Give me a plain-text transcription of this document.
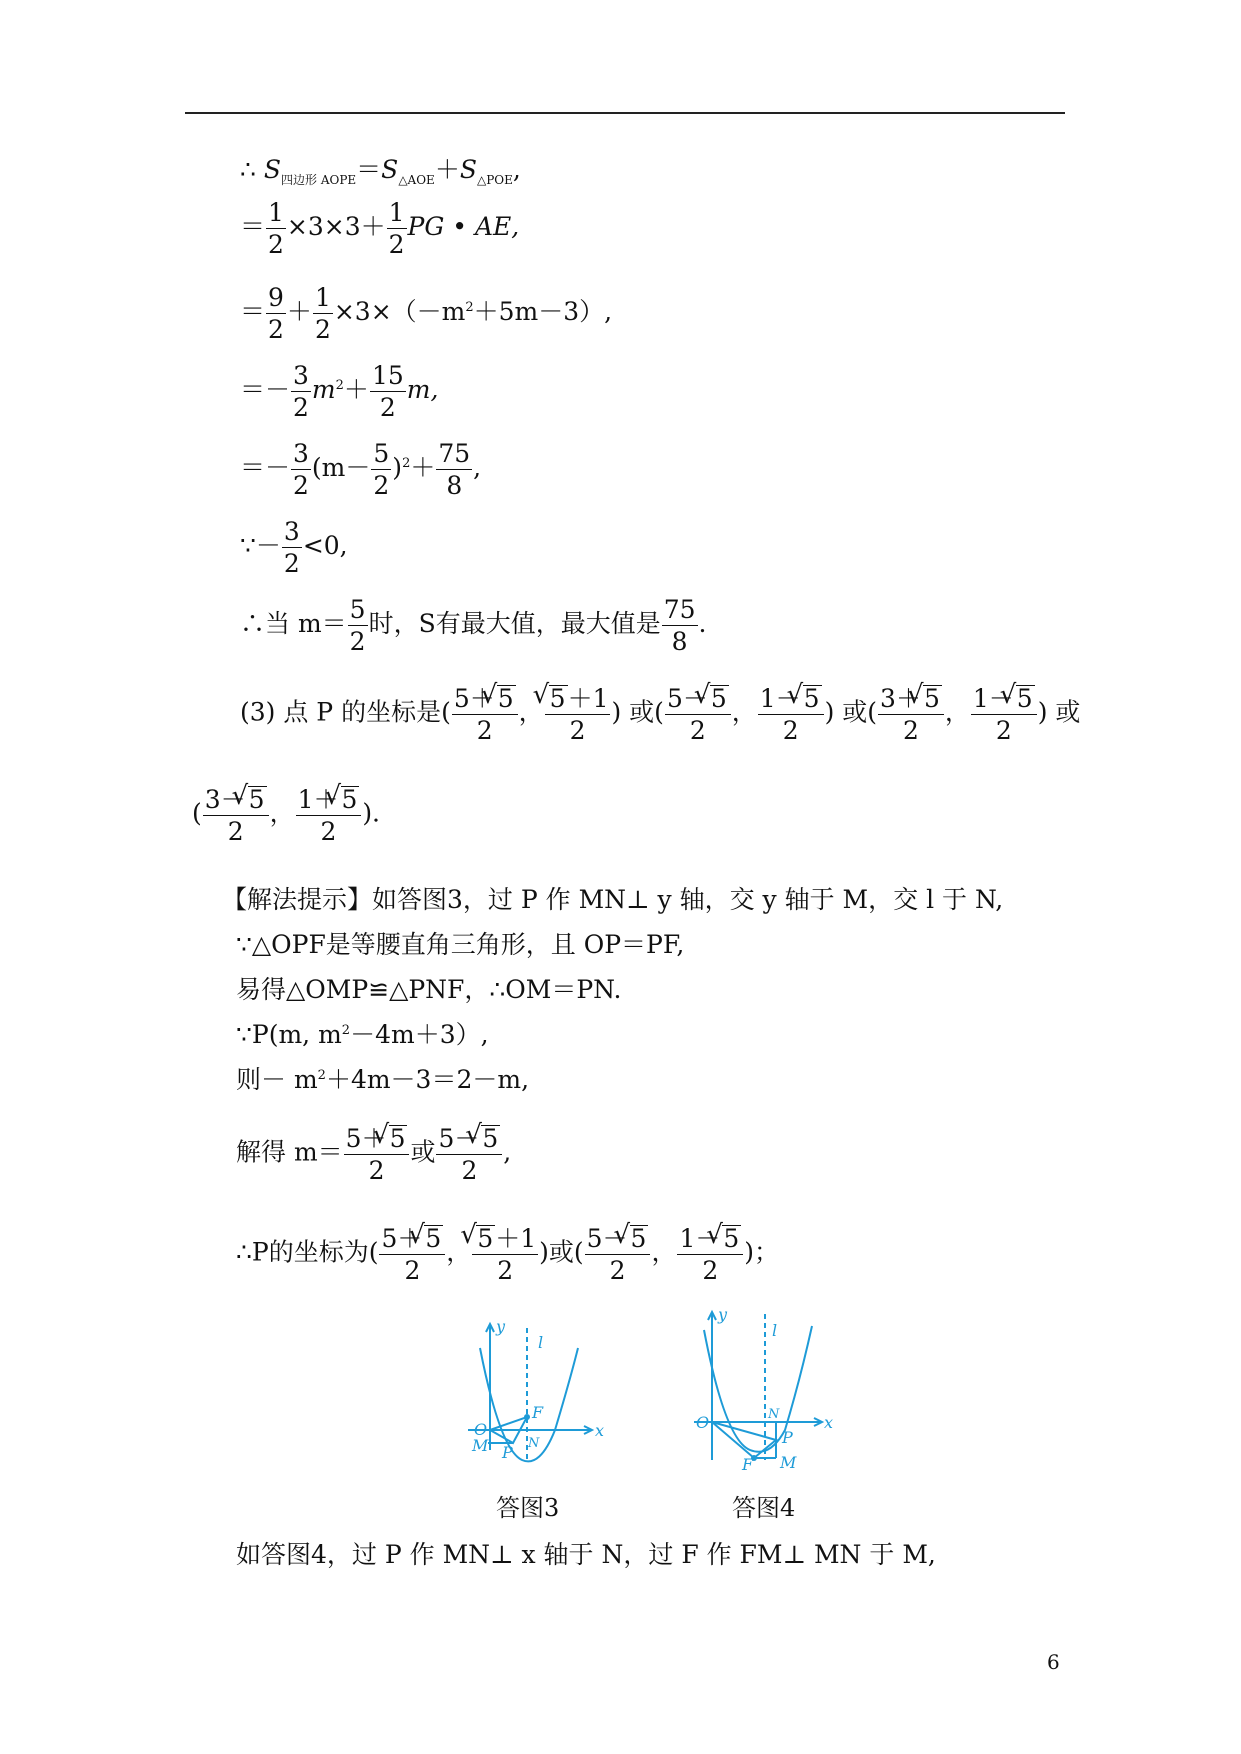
∴ $S_{四边形 AOPE}=S_{\triangle AOE}+S_{\triangle POE}$,
＝ $\frac{1}{2} \times 3\times 3+ \frac{1}{2}$ PG • AE,
＝ $\frac{9}{2} + \frac{1}{2} \times 3\times(-m^2+5m-3)$,
＝－ $\frac{3}{2} m^2+ \frac{15}{2} m$,
＝－ $\frac{3}{2} (m- \frac{5}{2} )^2+ \frac{75}{8}$ ,
∵－ $\frac{3}{2} <0$,
∴当 $m= \frac{5}{2}$ 时，S有最大值，最大值是 $\frac{75}{8}$ .
(3) 点 P 的坐标是( $\frac{5+ √ 5}{2}$ ， √ $\frac{5+1}{2}$ ) 或( $\frac{5- √ 5}{2}$ ， $\frac{1- √ 5}{2}$ ) 或( $\frac{3+ √ 5}{2}$ ， $\frac{1- √ 5}{2}$ ) 或
( $\frac{3- √ 5}{2}$ ， $\frac{1+ √ 5}{2}$ )．
【解法提示】如答图3，过 P 作 MN⊥ y 轴，交 y 轴于 M，交 l 于 N,
∵△OPF是等腰直角三角形，且 OP＝PF,
易得△OMP≌△PNF，∴OM＝PN.
∵P(m, $m^2-4m+3$）,
则－ $m^2+4m-3=2-m$,
解得 $m= \frac{5+ √ 5}{2}$ 或 $\frac{5- √ 5}{2}$ ,
∴P的坐标为( $\frac{5+ √ 5}{2}$ ， √ $\frac{5+1}{2}$ )或( $\frac{5- √ 5}{2}$ ， $\frac{1- √ 5}{2}$ )；
y
x
l
O
M P N
F
答图3
y
x
l
O	N
P
F M
答图4
如答图4，过 P 作 MN⊥ x 轴于 N，过 F 作 FM⊥ MN 于 M,
6
